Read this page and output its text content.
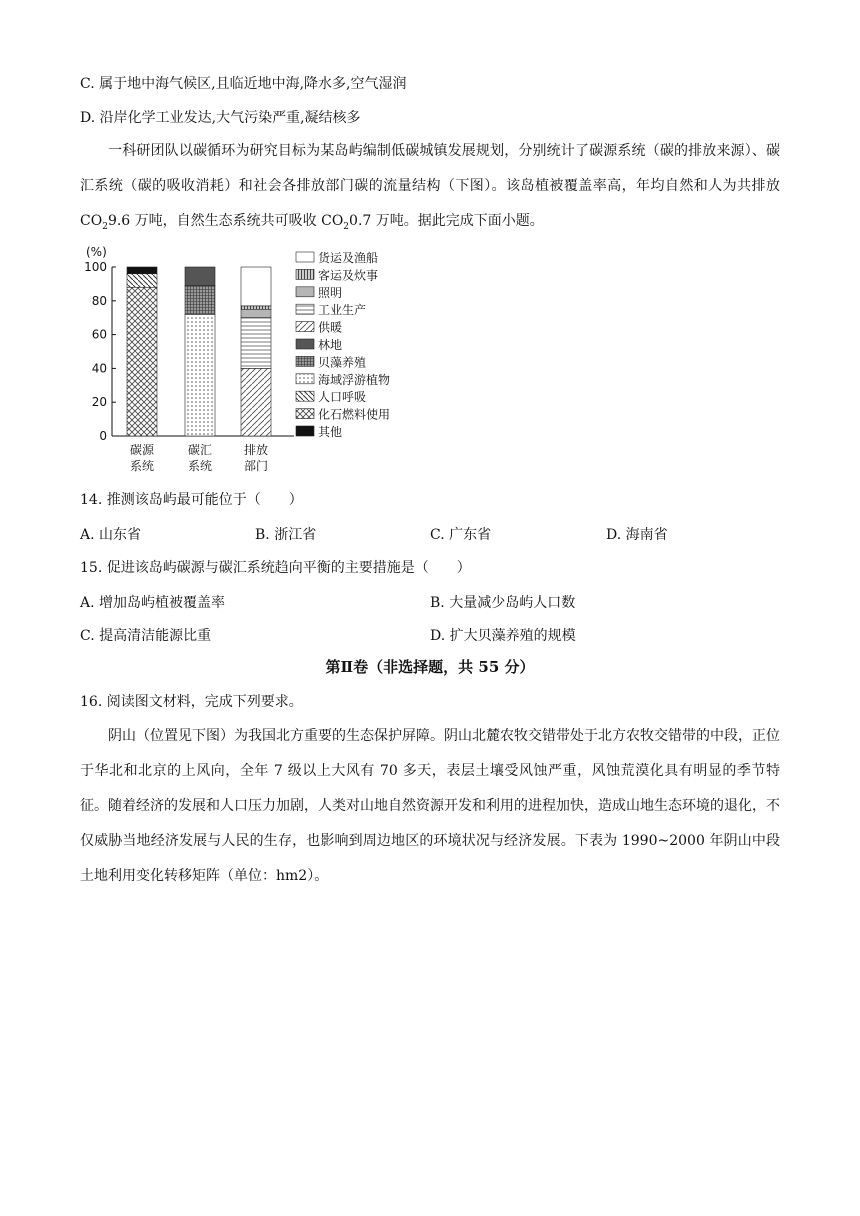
C. 属于地中海气候区,且临近地中海,降水多,空气湿润
D. 沿岸化学工业发达,大气污染严重,凝结核多
一科研团队以碳循环为研究目标为某岛屿编制低碳城镇发展规划，分别统计了碳源系统（碳的排放来源）、碳汇系统（碳的吸收消耗）和社会各排放部门碳的流量结构（下图）。该岛植被覆盖率高，年均自然和人为共排放 $CO_29.6$ 万吨，自然生态系统共可吸收 $CO_20.7$ 万吨。据此完成下面小题。
(%)
0
20
40
60
80
100
碳源
系统
碳汇
系统
排放
部门
货运及渔船
客运及炊事
照明
工业生产
供暖
林地
贝藻养殖
海域浮游植物
人口呼吸
化石燃料使用
其他
14. 推测该岛屿最可能位于（　　）
A. 山东省	B. 浙江省	C. 广东省	D. 海南省
15. 促进该岛屿碳源与碳汇系统趋向平衡的主要措施是（　　）
A. 增加岛屿植被覆盖率	B. 大量减少岛屿人口数
C. 提高清洁能源比重	D. 扩大贝藻养殖的规模
第Ⅱ卷（非选择题，共 55 分）
16. 阅读图文材料，完成下列要求。
阴山（位置见下图）为我国北方重要的生态保护屏障。阴山北麓农牧交错带处于北方农牧交错带的中段，正位于华北和北京的上风向，全年 7 级以上大风有 70 多天，表层土壤受风蚀严重，风蚀荒漠化具有明显的季节特征。随着经济的发展和人口压力加剧，人类对山地自然资源开发和利用的进程加快，造成山地生态环境的退化，不仅威胁当地经济发展与人民的生存，也影响到周边地区的环境状况与经济发展。下表为 1990~2000 年阴山中段土地利用变化转移矩阵（单位：hm2）。
